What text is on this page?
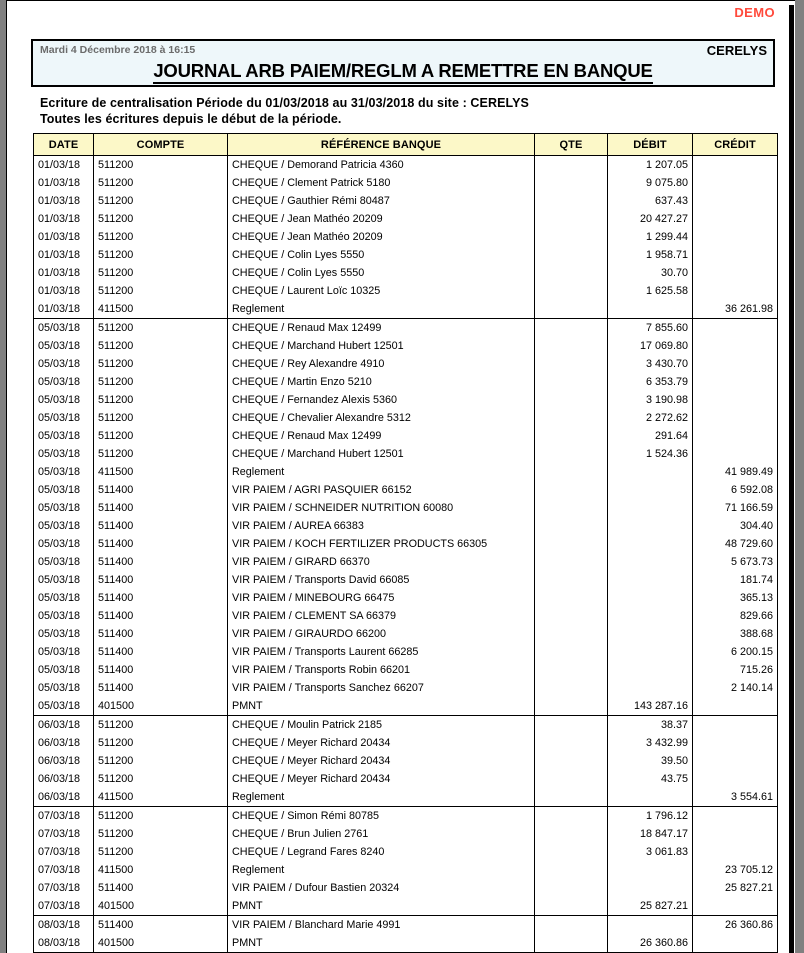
DEMO
Mardi 4 Décembre 2018 à 16:15	CERELYS
JOURNAL ARB PAIEM/REGLM A REMETTRE EN BANQUE
Ecriture de centralisation Période du 01/03/2018 au 31/03/2018 du site : CERELYS
Toutes les écritures depuis le début de la période.
DATE	COMPTE	RÉFÉRENCE BANQUE	QTE	DÉBIT	CRÉDIT
01/03/18	511200	CHEQUE / Demorand Patricia 4360		1 207.05	
01/03/18	511200	CHEQUE / Clement Patrick 5180		9 075.80	
01/03/18	511200	CHEQUE / Gauthier Rémi 80487		637.43	
01/03/18	511200	CHEQUE / Jean Mathéo 20209		20 427.27	
01/03/18	511200	CHEQUE / Jean Mathéo 20209		1 299.44	
01/03/18	511200	CHEQUE / Colin Lyes 5550		1 958.71	
01/03/18	511200	CHEQUE / Colin Lyes 5550		30.70	
01/03/18	511200	CHEQUE / Laurent Loïc 10325		1 625.58	
01/03/18	411500	Reglement			36 261.98
05/03/18	511200	CHEQUE / Renaud Max 12499		7 855.60	
05/03/18	511200	CHEQUE / Marchand Hubert 12501		17 069.80	
05/03/18	511200	CHEQUE / Rey Alexandre 4910		3 430.70	
05/03/18	511200	CHEQUE / Martin Enzo 5210		6 353.79	
05/03/18	511200	CHEQUE / Fernandez Alexis 5360		3 190.98	
05/03/18	511200	CHEQUE / Chevalier Alexandre 5312		2 272.62	
05/03/18	511200	CHEQUE / Renaud Max 12499		291.64	
05/03/18	511200	CHEQUE / Marchand Hubert 12501		1 524.36	
05/03/18	411500	Reglement			41 989.49
05/03/18	511400	VIR PAIEM / AGRI PASQUIER 66152			6 592.08
05/03/18	511400	VIR PAIEM / SCHNEIDER NUTRITION 60080			71 166.59
05/03/18	511400	VIR PAIEM / AUREA 66383			304.40
05/03/18	511400	VIR PAIEM / KOCH FERTILIZER PRODUCTS 66305			48 729.60
05/03/18	511400	VIR PAIEM / GIRARD 66370			5 673.73
05/03/18	511400	VIR PAIEM / Transports David 66085			181.74
05/03/18	511400	VIR PAIEM / MINEBOURG 66475			365.13
05/03/18	511400	VIR PAIEM / CLEMENT SA 66379			829.66
05/03/18	511400	VIR PAIEM / GIRAURDO 66200			388.68
05/03/18	511400	VIR PAIEM / Transports Laurent 66285			6 200.15
05/03/18	511400	VIR PAIEM / Transports Robin 66201			715.26
05/03/18	511400	VIR PAIEM / Transports Sanchez 66207			2 140.14
05/03/18	401500	PMNT		143 287.16	
06/03/18	511200	CHEQUE / Moulin Patrick 2185		38.37	
06/03/18	511200	CHEQUE / Meyer Richard 20434		3 432.99	
06/03/18	511200	CHEQUE / Meyer Richard 20434		39.50	
06/03/18	511200	CHEQUE / Meyer Richard 20434		43.75	
06/03/18	411500	Reglement			3 554.61
07/03/18	511200	CHEQUE / Simon Rémi 80785		1 796.12	
07/03/18	511200	CHEQUE / Brun Julien 2761		18 847.17	
07/03/18	511200	CHEQUE / Legrand Fares 8240		3 061.83	
07/03/18	411500	Reglement			23 705.12
07/03/18	511400	VIR PAIEM / Dufour Bastien 20324			25 827.21
07/03/18	401500	PMNT		25 827.21	
08/03/18	511400	VIR PAIEM / Blanchard Marie 4991			26 360.86
08/03/18	401500	PMNT		26 360.86	
